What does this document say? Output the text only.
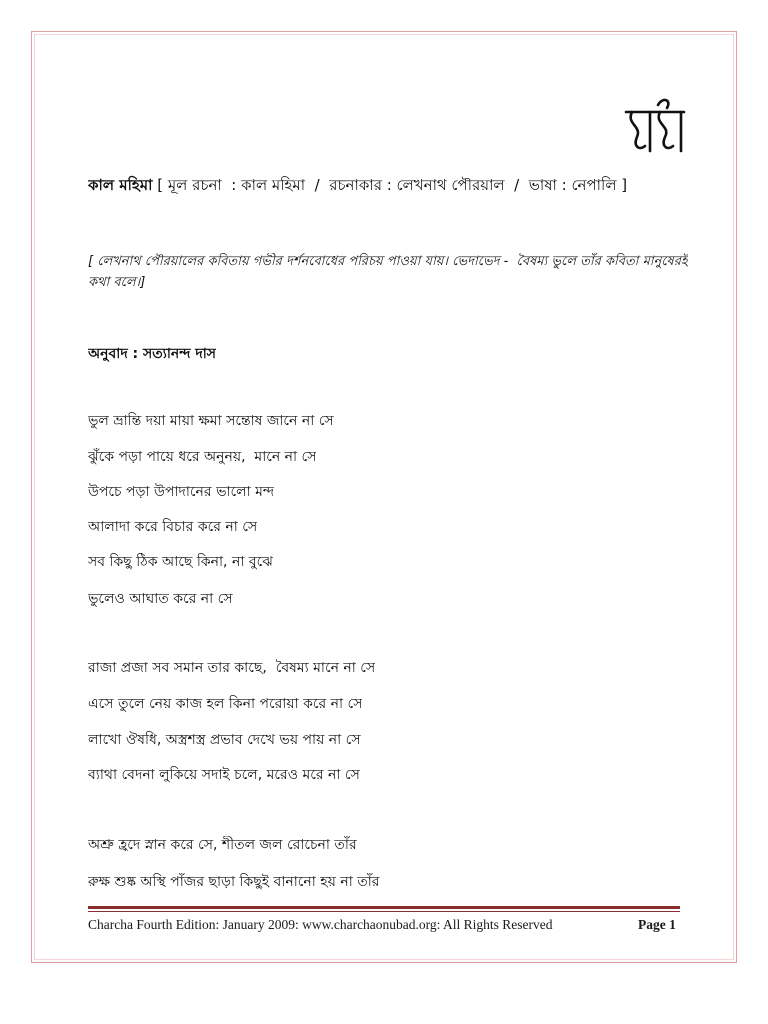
কাল মহিমা [ মূল রচনা  : কাল মহিমা  /  রচনাকার : লেখনাথ পৌরয়াল  /  ভাষা : নেপালি ]
[ লেখনাথ পৌরয়ালের কবিতায় গভীর দর্শনবোধের পরিচয় পাওয়া যায়। ভেদাভেদ -  বৈষম্য ভুলে তাঁর কবিতা মানুষেরই
কথা বলে।]
অনুবাদ : সত্যানন্দ দাস
ভুল ভ্রান্তি দয়া মায়া ক্ষমা সন্তোষ জানে না সে
ঝুঁকে পড়া পায়ে ধরে অনুনয়,  মানে না সে
উপচে পড়া উপাদানের ভালো মন্দ
আলাদা করে বিচার করে না সে
সব কিছু ঠিক আছে কিনা, না বুঝে
ভুলেও আঘাত করে না সে
রাজা প্রজা সব সমান তার কাছে,  বৈষম্য মানে না সে
এসে তুলে নেয় কাজ হল কিনা পরোয়া করে না সে
লাখো ঔষধি, অস্ত্রশস্ত্র প্রভাব দেখে ভয় পায় না সে
ব্যাথা বেদনা লুকিয়ে সদাই চলে, মরেও মরে না সে
অশ্রু হ্রদে স্নান করে সে, শীতল জল রোচেনা তাঁর
রুক্ষ শুষ্ক অস্থি পাঁজর ছাড়া কিছুই বানানো হয় না তাঁর
Charcha Fourth Edition: January 2009: www.charchaonubad.org: All Rights Reserved	Page 1
